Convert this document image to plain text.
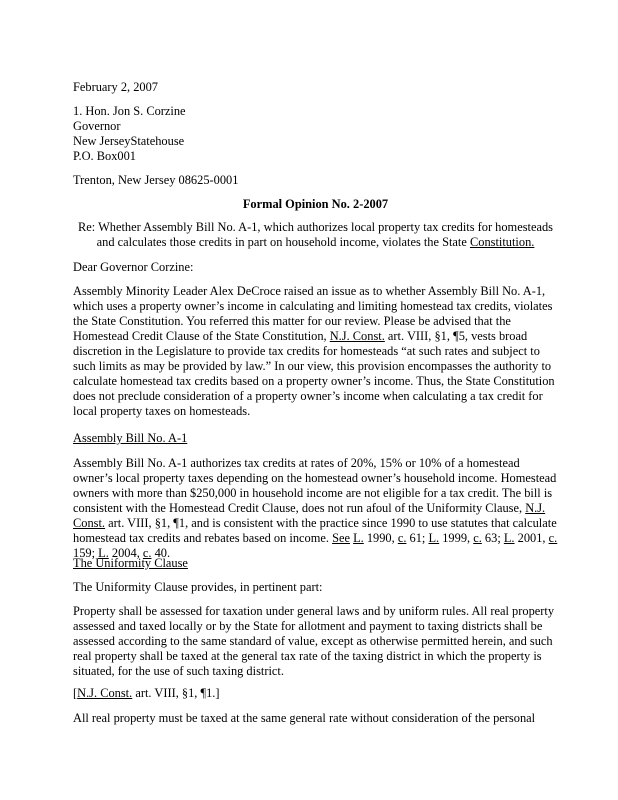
February 2, 2007

1. Hon. Jon S. Corzine
Governor
New JerseyStatehouse
P.O. Box001

Trenton, New Jersey 08625-0001

Formal Opinion No. 2-2007

Re: Whether Assembly Bill No. A-1, which authorizes local property tax credits for homesteads
and calculates those credits in part on household income, violates the State Constitution.

Dear Governor Corzine:

Assembly Minority Leader Alex DeCroce raised an issue as to whether Assembly Bill No. A-1,
which uses a property owner’s income in calculating and limiting homestead tax credits, violates
the State Constitution. You referred this matter for our review. Please be advised that the
Homestead Credit Clause of the State Constitution, N.J. Const. art. VIII, §1, ¶5, vests broad
discretion in the Legislature to provide tax credits for homesteads “at such rates and subject to
such limits as may be provided by law.” In our view, this provision encompasses the authority to
calculate homestead tax credits based on a property owner’s income. Thus, the State Constitution
does not preclude consideration of a property owner’s income when calculating a tax credit for
local property taxes on homesteads.

Assembly Bill No. A-1

Assembly Bill No. A-1 authorizes tax credits at rates of 20%, 15% or 10% of a homestead
owner’s local property taxes depending on the homestead owner’s household income. Homestead
owners with more than $250,000 in household income are not eligible for a tax credit. The bill is
consistent with the Homestead Credit Clause, does not run afoul of the Uniformity Clause, N.J.
Const. art. VIII, §1, ¶1, and is consistent with the practice since 1990 to use statutes that calculate
homestead tax credits and rebates based on income. See L. 1990, c. 61; L. 1999, c. 63; L. 2001, c.
159; L. 2004, c. 40.

The Uniformity Clause

The Uniformity Clause provides, in pertinent part:

Property shall be assessed for taxation under general laws and by uniform rules. All real property
assessed and taxed locally or by the State for allotment and payment to taxing districts shall be
assessed according to the same standard of value, except as otherwise permitted herein, and such
real property shall be taxed at the general tax rate of the taxing district in which the property is
situated, for the use of such taxing district.

[N.J. Const. art. VIII, §1, ¶1.]

All real property must be taxed at the same general rate without consideration of the personal
